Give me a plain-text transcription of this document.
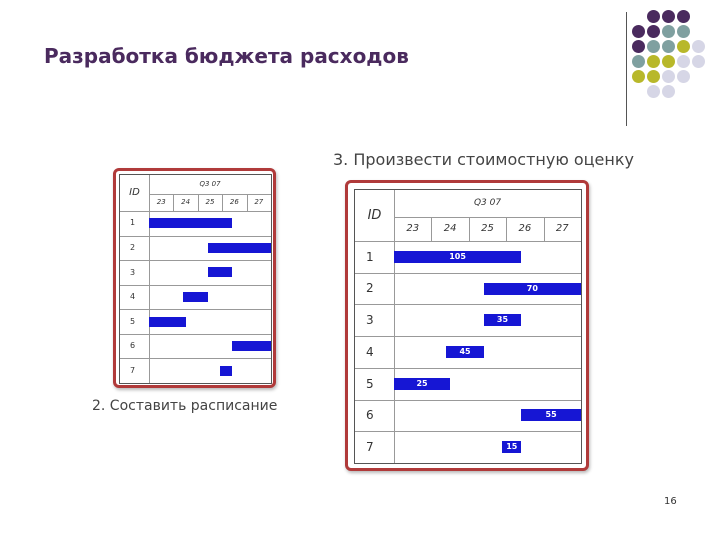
Разработка бюджета расходов
3. Произвести стоимостную оценку
ID
Q3 07
23	24	25	26	27
1
2
3
4
5
6
7
ID
Q3 07
23	24	25	26	27
1	105
2	70
3	35
4	45
5	25
6	55
7	15
2. Составить расписание
16
